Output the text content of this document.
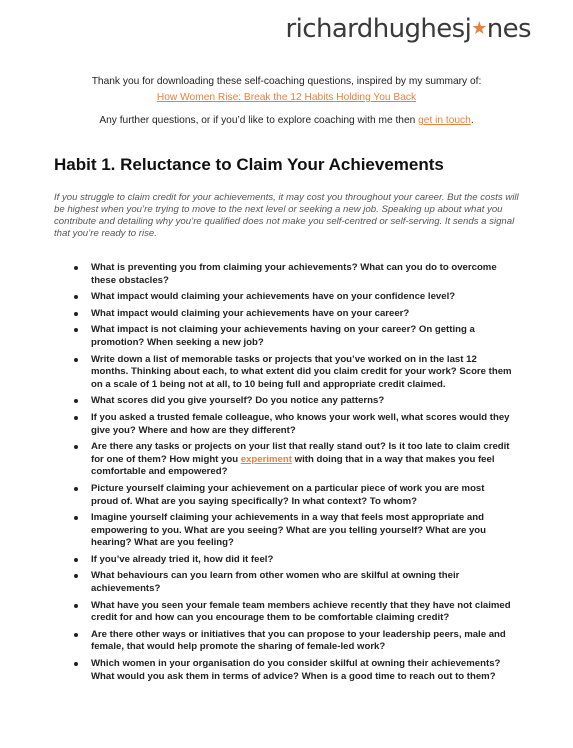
richardhughesj★nes
Thank you for downloading these self-coaching questions, inspired by my summary of:
How Women Rise: Break the 12 Habits Holding You Back
Any further questions, or if you’d like to explore coaching with me then get in touch.
Habit 1. Reluctance to Claim Your Achievements

If you struggle to claim credit for your achievements, it may cost you throughout your career. But the costs will be highest when you’re trying to move to the next level or seeking a new job. Speaking up about what you contribute and detailing why you’re qualified does not make you self-centred or self-serving. It sends a signal that you’re ready to rise.

What is preventing you from claiming your achievements? What can you do to overcome these obstacles?
What impact would claiming your achievements have on your confidence level?
What impact would claiming your achievements have on your career?
What impact is not claiming your achievements having on your career? On getting a promotion? When seeking a new job?
Write down a list of memorable tasks or projects that you’ve worked on in the last 12 months. Thinking about each, to what extent did you claim credit for your work? Score them on a scale of 1 being not at all, to 10 being full and appropriate credit claimed.
What scores did you give yourself? Do you notice any patterns?
If you asked a trusted female colleague, who knows your work well, what scores would they give you? Where and how are they different?
Are there any tasks or projects on your list that really stand out? Is it too late to claim credit for one of them? How might you experiment with doing that in a way that makes you feel comfortable and empowered?
Picture yourself claiming your achievement on a particular piece of work you are most proud of. What are you saying specifically? In what context? To whom?
Imagine yourself claiming your achievements in a way that feels most appropriate and empowering to you. What are you seeing? What are you telling yourself? What are you hearing? What are you feeling?
If you’ve already tried it, how did it feel?
What behaviours can you learn from other women who are skilful at owning their achievements?
What have you seen your female team members achieve recently that they have not claimed credit for and how can you encourage them to be comfortable claiming credit?
Are there other ways or initiatives that you can propose to your leadership peers, male and female, that would help promote the sharing of female-led work?
Which women in your organisation do you consider skilful at owning their achievements? What would you ask them in terms of advice? When is a good time to reach out to them?
